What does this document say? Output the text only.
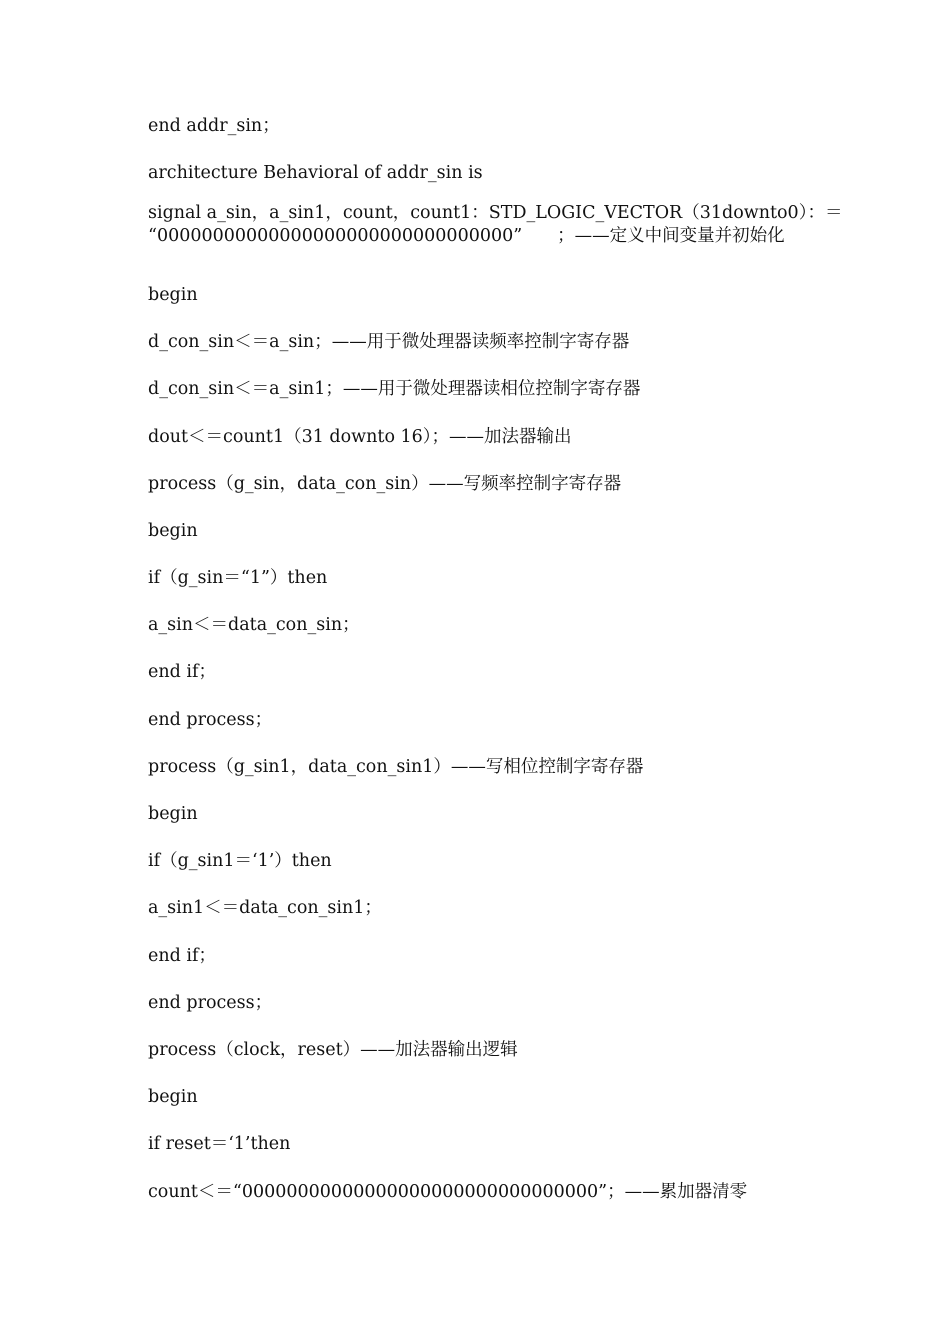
end addr_sin；
architecture Behavioral of addr_sin is
signal a_sin，a_sin1，count，count1：STD_LOGIC_VECTOR（31downto0）：＝
“00000000000000000000000000000000”　　；——定义中间变量并初始化
begin
d_con_sin＜＝a_sin；——用于微处理器读频率控制字寄存器
d_con_sin＜＝a_sin1；——用于微处理器读相位控制字寄存器
dout＜＝count1（31 downto 16）；——加法器输出
process（g_sin，data_con_sin）——写频率控制字寄存器
begin
if（g_sin＝“1”）then
a_sin＜＝data_con_sin；
end if；
end process；
process（g_sin1，data_con_sin1）——写相位控制字寄存器
begin
if（g_sin1＝‘1’）then
a_sin1＜＝data_con_sin1；
end if；
end process；
process（clock，reset）——加法器输出逻辑
begin
if reset＝‘1’then
count＜＝“00000000000000000000000000000000”；——累加器清零
